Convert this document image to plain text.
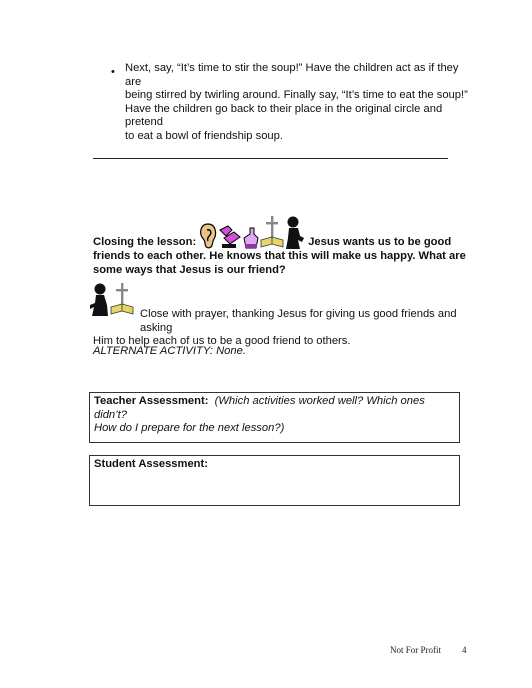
• Next, say, “It’s time to stir the soup!” Have the children act as if they are
being stirred by twirling around. Finally say, “It’s time to eat the soup!”
Have the children go back to their place in the original circle and pretend
to eat a bowl of friendship soup.
Closing the lesson:	Jesus wants us to be good
friends to each other. He knows that this will make us happy. What are
some ways that Jesus is our friend?
Close with prayer, thanking Jesus for giving us good friends and asking
Him to help each of us to be a good friend to others.
ALTERNATE ACTIVITY: None.
Teacher Assessment: (Which activities worked well? Which ones didn’t?
How do I prepare for the next lesson?)
Student Assessment:
Not For Profit 4
